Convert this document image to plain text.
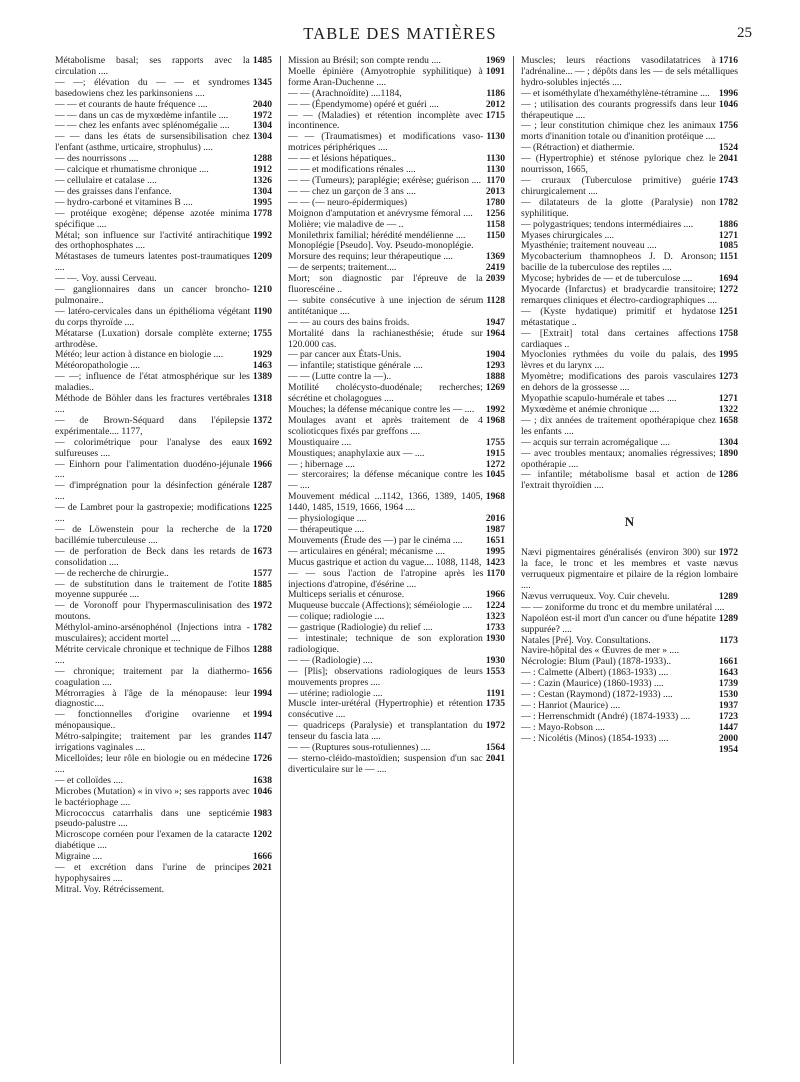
TABLE DES MATIÈRES	25

1485
Métabolisme basal; ses rapports avec la circulation ....

1345
— —; élévation du — — et syndromes basedowiens chez les parkinsoniens ....

2040
— — et courants de haute fréquence ....

1972
— — dans un cas de myxœdème infantile ....

1304
— — chez les enfants avec splénomégalie ....

1304
— — dans les états de sursensibilisation chez l'enfant (asthme, urticaire, strophulus) ....

1288
— des nourrissons ....

1912
— calcique et rhumatisme chronique ....

1326
— cellulaire et catalase ....

1304
— des graisses dans l'enfance.

1995
— hydro-carboné et vitamines B ....

1778
— protéique exogène; dépense azotée minima spécifique ....

1992
Métal; son influence sur l'activité antirachitique des orthophosphates ....

1209
Métastases de tumeurs latentes post-traumatiques ....

— —. Voy. aussi Cerveau.

1210
— ganglionnaires dans un cancer broncho-pulmonaire..

1190
— latéro-cervicales dans un épithélioma végétant du corps thyroïde ....

1755
Métatarse (Luxation) dorsale complète externe; arthrodèse.

1929
Météo; leur action à distance en biologie ....

1463
Météoropathologie ....

1389
— —; influence de l'état atmosphérique sur les maladies..

1318
Méthode de Böhler dans les fractures vertébrales ....

1372
— de Brown-Séquard dans l'épilepsie expérimentale.... 1177,

1692
— colorimétrique pour l'analyse des eaux sulfureuses ....

1966
— Einhorn pour l'alimentation duodéno-jéjunale ....

1287
— d'imprégnation pour la désinfection générale ....

1225
— de Lambret pour la gastropexie; modifications ....

1720
— de Löwenstein pour la recherche de la bacillémie tuberculeuse ....

1673
— de perforation de Beck dans les retards de consolidation ....

1577
— de recherche de chirurgie..

1885
— de substitution dans le traitement de l'otite moyenne suppurée ....

1972
— de Voronoff pour l'hypermasculinisation des moutons.

1782
Méthylol-amino-arsénophénol (Injections intra - musculaires); accident mortel ....

1288
Métrite cervicale chronique et technique de Filhos ....

1656
— chronique; traitement par la diathermo-coagulation ....

1994
Métrorragies à l'âge de la ménopause: leur diagnostic....

1994
— fonctionnelles d'origine ovarienne et ménopausique..

1147
Métro-salpingite; traitement par les grandes irrigations vaginales ....

1726
Micelloïdes; leur rôle en biologie ou en médecine ....

1638
— et colloïdes ....

1046
Microbes (Mutation) « in vivo »; ses rapports avec le bactériophage ....

1983
Micrococcus catarrhalis dans une septicémie pseudo-palustre ....

1202
Microscope cornéen pour l'examen de la cataracte diabétique ....

1666
Migraine ....

2021
— et excrétion dans l'urine de principes hypophysaires ....

Mitral. Voy. Rétrécissement.

1969
Mission au Brésil; son compte rendu ....

1091
Moelle épinière (Amyotrophie syphilitique) à forme Aran-Duchenne ....

1186
— — (Arachnoïdite) ....1184,

2012
— — (Épendymome) opéré et guéri ....

1715
— — (Maladies) et rétention incomplète avec incontinence.

1130
— — (Traumatismes) et modifications vaso-motrices périphériques ....

1130
— — et lésions hépatiques..

1130
— — et modifications rénales ....

1170
— — (Tumeurs); paraplégie; exérèse; guérison ....

2013
— — chez un garçon de 3 ans ....

1780
— — (— neuro-épidermiques)

1256
Moignon d'amputation et anévrysme fémoral ....

1158
Molière; vie maladive de — ..

1150
Monilethrix familial; hérédité mendélienne ....

Monoplégie [Pseudo]. Voy. Pseudo-monoplégie.

1369
Morsure des requins; leur thérapeutique ....

2419
— de serpents; traitement....

2039
Mort; son diagnostic par l'épreuve de la fluorescéine ..

1128
— subite consécutive à une injection de sérum antitétanique ....

1947
— — au cours des bains froids.

1964
Mortalité dans la rachianesthésie; étude sur 120.000 cas.

1904
— par cancer aux États-Unis.

1293
— infantile; statistique générale ....

1888
— — (Lutte contre la —)..

1269
Motilité cholécysto-duodénale; recherches; sécrétine et cholagogues ....

1992
Mouches; la défense mécanique contre les — ....

1968
Moulages avant et après traitement de 4 scolioticques fixés par greffons ....

1755
Moustiquaire ....

1915
Moustiques; anaphylaxie aux — ....

1272
— ; hibernage ....

1045
— stercoraires; la défense mécanique contre les — ....

1968
Mouvement médical ...1142, 1366, 1389, 1405, 1440, 1485, 1519, 1666, 1964 ....

2016
— physiologique ....

1987
— thérapeutique ....

1651
Mouvements (Étude des —) par le cinéma ....

1995
— articulaires en général; mécanisme ....

1423
Mucus gastrique et action du vague.... 1088, 1148,

1170
— — sous l'action de l'atropine après les injections d'atropine, d'ésérine ....

1966
Multiceps serialis et cénurose.

1224
Muqueuse buccale (Affections); séméiologie ....

1323
— colique; radiologie ....

1733
— gastrique (Radiologie) du relief ....

1930
— intestinale; technique de son exploration radiologique.

1930
— — (Radiologie) ....

1553
— [Plis]; observations radiologiques de leurs mouvements propres ....

1191
— utérine; radiologie ....

1735
Muscle inter-urétéral (Hypertrophie) et rétention consécutive ....

1972
— quadriceps (Paralysie) et transplantation du tenseur du fascia lata ....

1564
— — (Ruptures sous-rotuliennes) ....

2041
— sterno-cléido-mastoïdien; suspension d'un sac diverticulaire sur le — ....

1716
Muscles; leurs réactions vasodilatatrices à l'adrénaline... — ; dépôts dans les — de sels métalliques hydro-solubles injectés ....

1996
— et isométhylate d'hexaméthylène-tétramine ....

1046
— ; utilisation des courants progressifs dans leur thérapeutique ....

1756
— ; leur constitution chimique chez les animaux morts d'inanition totale ou d'inanition protéique ....

1524
— (Rétraction) et diathermie.

2041
— (Hypertrophie) et sténose pylorique chez le nourrisson, 1665,

1743
— cruraux (Tuberculose primitive) guérie chirurgicalement ....

1782
— dilatateurs de la glotte (Paralysie) non syphilitique.

1886
— polygastriques; tendons intermédiaires ....

1271
Myases chirurgicales ....

1085
Myasthénie; traitement nouveau ....

1151
Mycobacterium thamnopheos J. D. Aronson; bacille de la tuberculose des reptiles ....

1694
Mycose; hybrides de — et de tuberculose ....

1272
Myocarde (Infarctus) et bradycardie transitoire; remarques cliniques et électro-cardiographiques ....

1251
— (Kyste hydatique) primitif et hydatose métastatique ..

1758
— [Extrait] total dans certaines affections cardiaques ..

1995
Myoclonies rythmées du voile du palais, des lèvres et du larynx ....

1273
Myomètre; modifications des parois vasculaires en dehors de la grossesse ....

1271
Myopathie scapulo-humérale et tabes ....

1322
Myxœdème et anémie chronique ....

1658
— ; dix années de traitement opothérapique chez les enfants ....

1304
— acquis sur terrain acromégalique ....

1890
— avec troubles mentaux; anomalies régressives; opothérapie ....

1286
— infantile; métabolisme basal et action de l'extrait thyroïdien ....

N

1972
Nævi pigmentaires généralisés (environ 300) sur la face, le tronc et les membres et vaste nævus verruqueux pigmentaire et pilaire de la région lombaire ....

1289
Nævus verruqueux. Voy. Cuir chevelu.

— — zoniforme du tronc et du membre unilatéral ....

1289
Napoléon est-il mort d'un cancer ou d'une hépatite suppurée? ....

1173
Natales [Pré]. Voy. Consultations.

Navire-hôpital des « Œuvres de mer » ....

1661
Nécrologie: Blum (Paul) (1878-1933)..

1643
— : Calmette (Albert) (1863-1933) ....

1739
— : Cazin (Maurice) (1860-1933) ....

1530
— : Cestan (Raymond) (1872-1933) ....

1937
— : Hanriot (Maurice) ....

1723
— : Herrenschmidt (André) (1874-1933) ....

1447
— : Mayo-Robson ....

2000
— : Nicolétis (Minos) (1854-1933) ....

1954
